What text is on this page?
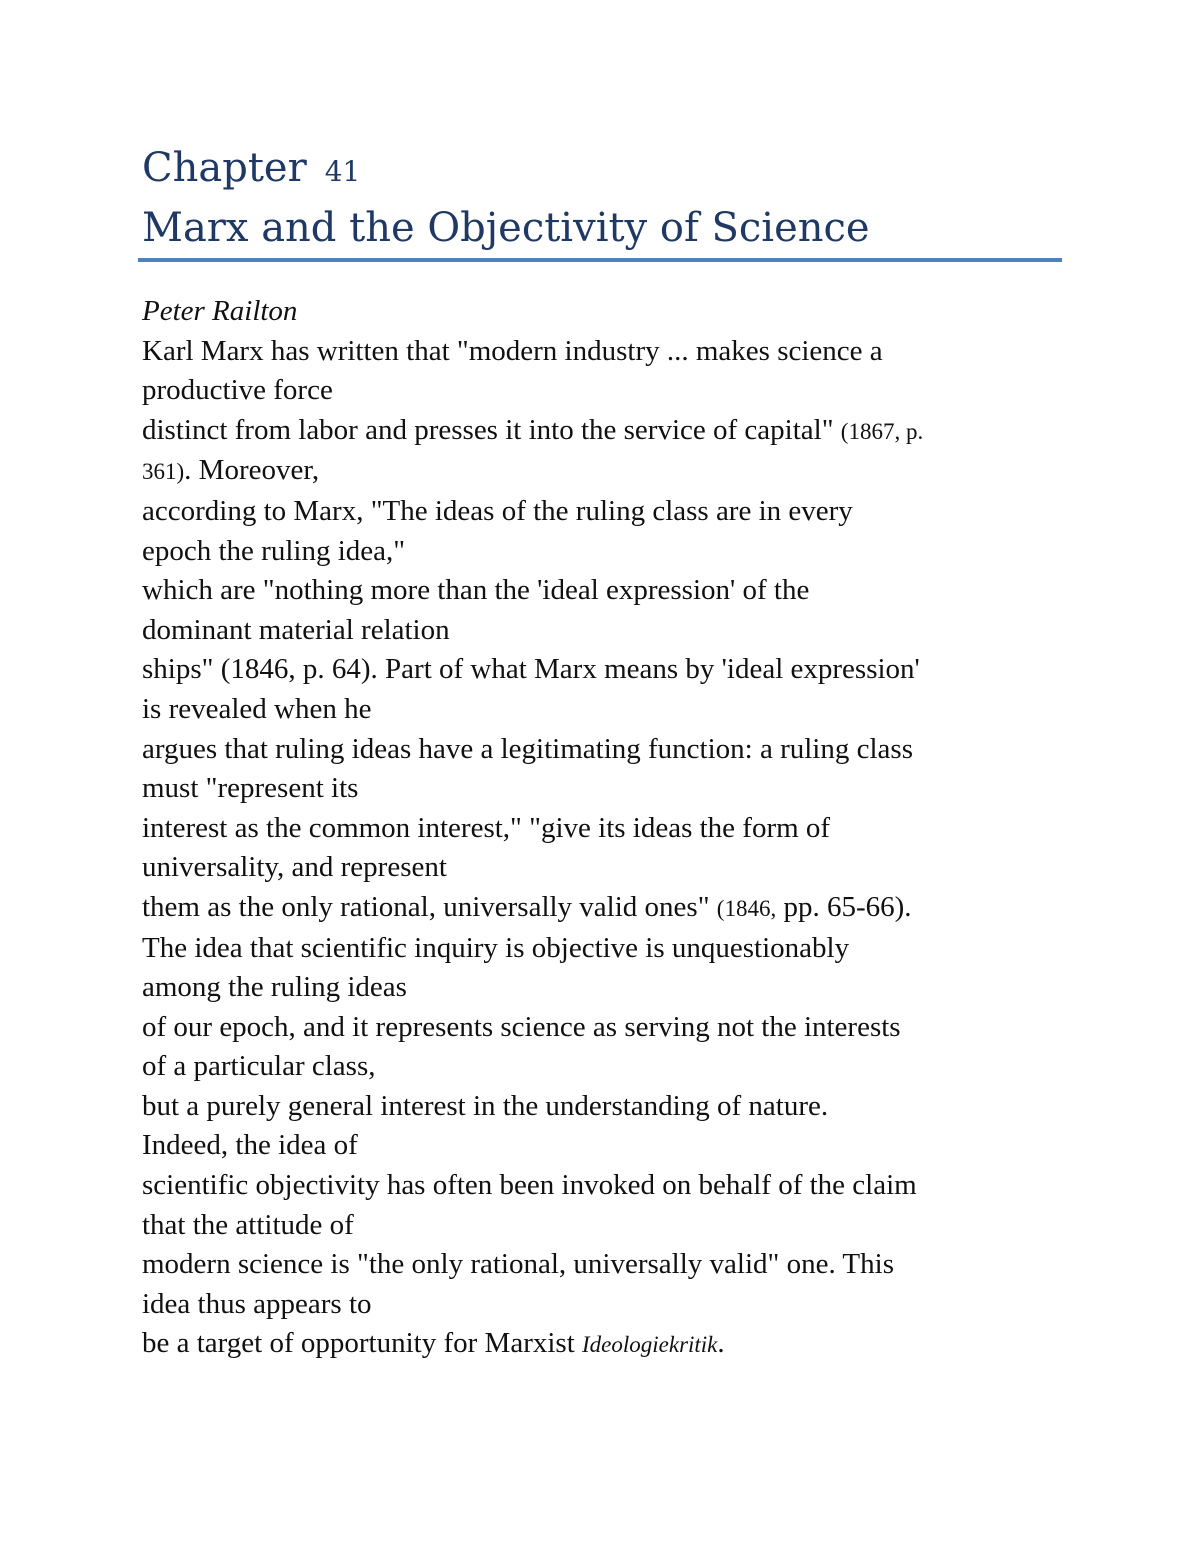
Chapter 41
Marx and the Objectivity of Science
Peter Railton
Karl Marx has written that "modern industry ... makes science a
productive force
distinct from labor and presses it into the service of capital" (1867, p.
361). Moreover,
according to Marx, "The ideas of the ruling class are in every
epoch the ruling idea,"
which are "nothing more than the 'ideal expression' of the
dominant material relation
ships" (1846, p. 64). Part of what Marx means by 'ideal expression'
is revealed when he
argues that ruling ideas have a legitimating function: a ruling class
must "represent its
interest as the common interest," "give its ideas the form of
universality, and represent
them as the only rational, universally valid ones" (1846, pp. 65-66).
The idea that scientific inquiry is objective is unquestionably
among the ruling ideas
of our epoch, and it represents science as serving not the interests
of a particular class,
but a purely general interest in the understanding of nature.
Indeed, the idea of
scientific objectivity has often been invoked on behalf of the claim
that the attitude of
modern science is "the only rational, universally valid" one. This
idea thus appears to
be a target of opportunity for Marxist Ideologiekritik.
